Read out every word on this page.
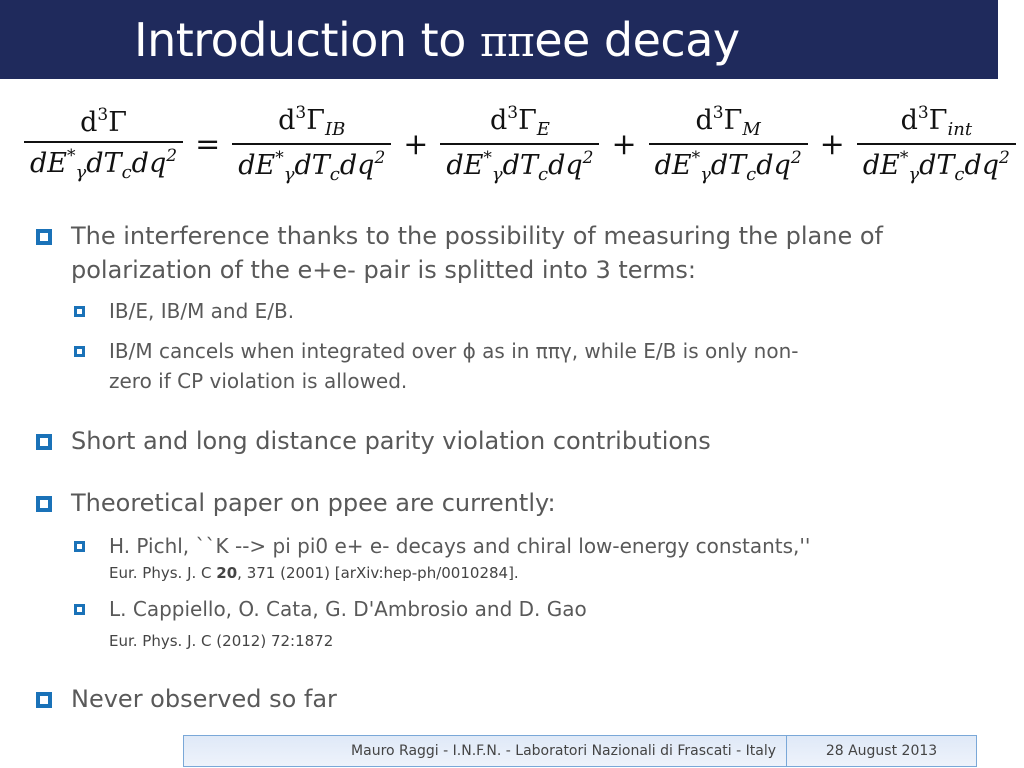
Introduction to ππee decay
$\frac{d^3\Gamma}{dE^*_\gamma dT_cdq^2} = \frac{d^3\Gamma_{IB}}{dE^*_\gamma dT_cdq^2} + \frac{d^3\Gamma_E}{dE^*_\gamma dT_cdq^2} + \frac{d^3\Gamma_M}{dE^*_\gamma dT_cdq^2} + \frac{d^3\Gamma_{int}}{dE^*_\gamma dT_cdq^2}$
The interference thanks to the possibility of measuring the plane of
polarization of the e+e- pair is splitted into 3 terms:
IB/E, IB/M and E/B.
IB/M cancels when integrated over ϕ as in ππγ, while E/B is only non-
zero if CP violation is allowed.
Short and long distance parity violation contributions
Theoretical paper on ppee are currently:
H. Pichl, ``K --> pi pi0 e+ e- decays and chiral low-energy constants,''
Eur. Phys. J. C 20, 371 (2001) [arXiv:hep-ph/0010284].
L. Cappiello, O. Cata, G. D'Ambrosio and D. Gao
Eur. Phys. J. C (2012) 72:1872
Never observed so far
Mauro Raggi - I.N.F.N. - Laboratori Nazionali di Frascati - Italy	28 August 2013
